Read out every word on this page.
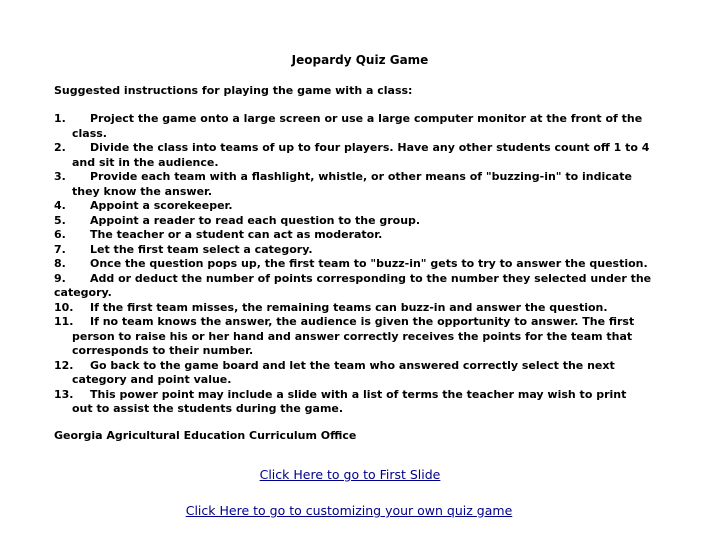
Jeopardy Quiz Game
Suggested instructions for playing the game with a class:
1. Project the game onto a large screen or use a large computer monitor at the front of the
class.
2. Divide the class into teams of up to four players. Have any other students count off 1 to 4
and sit in the audience.
3. Provide each team with a flashlight, whistle, or other means of "buzzing-in" to indicate
they know the answer.
4. Appoint a scorekeeper.
5. Appoint a reader to read each question to the group.
6. The teacher or a student can act as moderator.
7. Let the first team select a category.
8. Once the question pops up, the first team to "buzz-in" gets to try to answer the question.
9. Add or deduct the number of points corresponding to the number they selected under the
category.
10. If the first team misses, the remaining teams can buzz-in and answer the question.
11. If no team knows the answer, the audience is given the opportunity to answer. The first
person to raise his or her hand and answer correctly receives the points for the team that
corresponds to their number.
12. Go back to the game board and let the team who answered correctly select the next
category and point value.
13. This power point may include a slide with a list of terms the teacher may wish to print
out to assist the students during the game.
Georgia Agricultural Education Curriculum Office
Click Here to go to First Slide
Click Here to go to customizing your own quiz game
